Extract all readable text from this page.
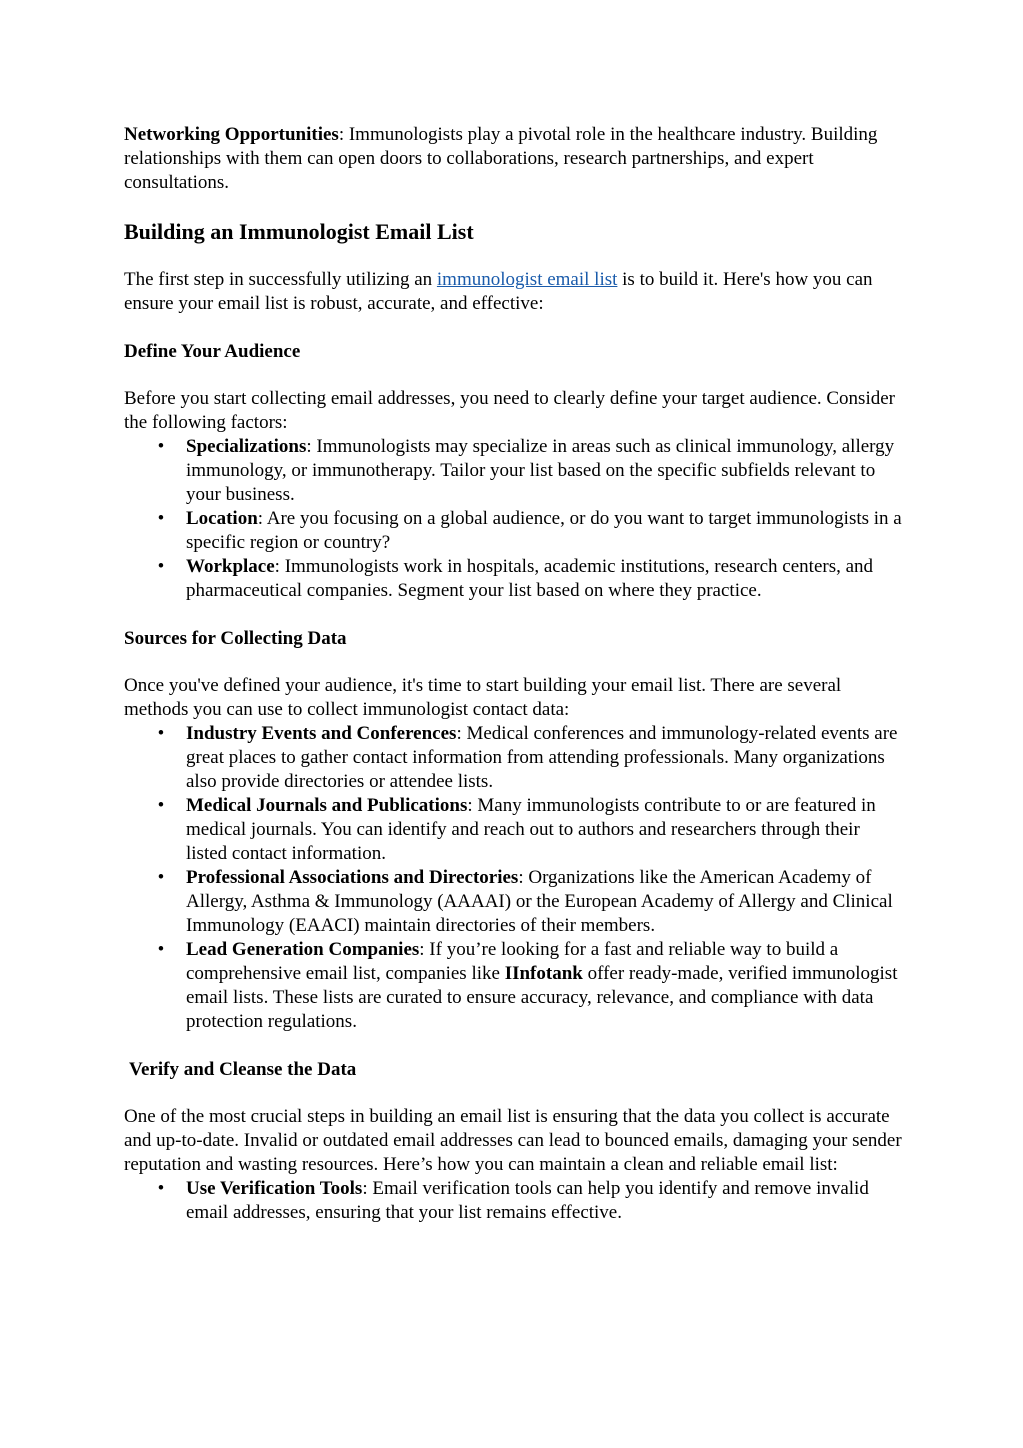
Networking Opportunities: Immunologists play a pivotal role in the healthcare industry. Building relationships with them can open doors to collaborations, research partnerships, and expert consultations.

Building an Immunologist Email List

The first step in successfully utilizing an immunologist email list is to build it. Here's how you can ensure your email list is robust, accurate, and effective:

Define Your Audience

Before you start collecting email addresses, you need to clearly define your target audience. Consider the following factors:

• Specializations: Immunologists may specialize in areas such as clinical immunology, allergy immunology, or immunotherapy. Tailor your list based on the specific subfields relevant to your business.
• Location: Are you focusing on a global audience, or do you want to target immunologists in a specific region or country?
• Workplace: Immunologists work in hospitals, academic institutions, research centers, and pharmaceutical companies. Segment your list based on where they practice.
Sources for Collecting Data

Once you've defined your audience, it's time to start building your email list. There are several methods you can use to collect immunologist contact data:

• Industry Events and Conferences: Medical conferences and immunology-related events are great places to gather contact information from attending professionals. Many organizations also provide directories or attendee lists.
• Medical Journals and Publications: Many immunologists contribute to or are featured in medical journals. You can identify and reach out to authors and researchers through their listed contact information.
• Professional Associations and Directories: Organizations like the American Academy of Allergy, Asthma & Immunology (AAAAI) or the European Academy of Allergy and Clinical Immunology (EAACI) maintain directories of their members.
• Lead Generation Companies: If you’re looking for a fast and reliable way to build a comprehensive email list, companies like IInfotank offer ready-made, verified immunologist email lists. These lists are curated to ensure accuracy, relevance, and compliance with data protection regulations.
Verify and Cleanse the Data

One of the most crucial steps in building an email list is ensuring that the data you collect is accurate and up-to-date. Invalid or outdated email addresses can lead to bounced emails, damaging your sender reputation and wasting resources. Here’s how you can maintain a clean and reliable email list:

• Use Verification Tools: Email verification tools can help you identify and remove invalid email addresses, ensuring that your list remains effective.
